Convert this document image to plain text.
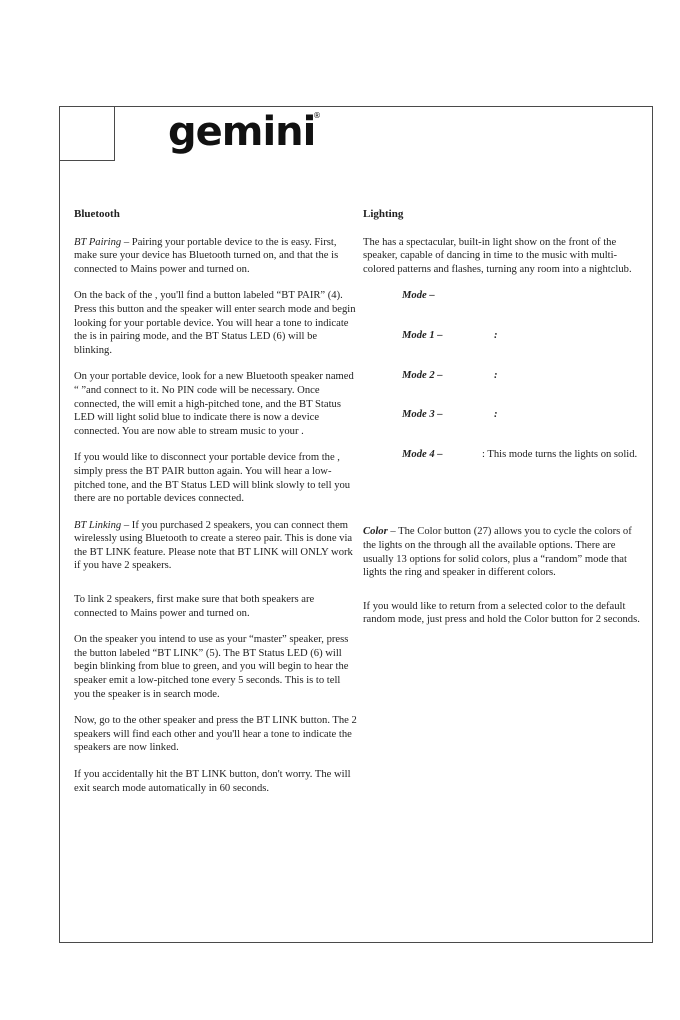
gemini
®
Bluetooth

BT Pairing – Pairing your portable device to the is easy. First, make sure your device has Bluetooth turned on, and that the is connected to Mains power and turned on.

On the back of the , you'll find a button labeled “BT PAIR” (4). Press this button and the speaker will enter search mode and begin looking for your portable device. You will hear a tone to indicate the is in pairing mode, and the BT Status LED (6) will be blinking.

On your portable device, look for a new Bluetooth speaker named “ ”and connect to it. No PIN code will be necessary. Once connected, the will emit a high-pitched tone, and the BT Status LED will light solid blue to indicate there is now a device connected. You are now able to stream music to your .

If you would like to disconnect your portable device from the , simply press the BT PAIR button again. You will hear a low-pitched tone, and the BT Status LED will blink slowly to tell you there are no portable devices connected.

BT Linking – If you purchased 2 speakers, you can connect them wirelessly using Bluetooth to create a stereo pair. This is done via the BT LINK feature. Please note that BT LINK will ONLY work if you have 2 speakers.

To link 2 speakers, first make sure that both speakers are connected to Mains power and turned on.

On the speaker you intend to use as your “master” speaker, press the button labeled “BT LINK” (5). The BT Status LED (6) will begin blinking from blue to green, and you will begin to hear the speaker emit a low-pitched tone every 5 seconds. This is to tell you the speaker is in search mode.

Now, go to the other speaker and press the BT LINK button. The 2 speakers will find each other and you'll hear a tone to indicate the speakers are now linked.

If you accidentally hit the BT LINK button, don't worry. The will exit search mode automatically in 60 seconds.

Lighting

The has a spectacular, built-in light show on the front of the speaker, capable of dancing in time to the music with multi-colored patterns and flashes, turning any room into a nightclub.

Mode –
Mode 1 –	:
Mode 2 –	:
Mode 3 –	:
Mode 4 –	: This mode turns the lights on solid.

Color – The Color button (27) allows you to cycle the colors of the lights on the through all the available options. There are usually 13 options for solid colors, plus a “random” mode that lights the ring and speaker in different colors.

If you would like to return from a selected color to the default random mode, just press and hold the Color button for 2 seconds.
